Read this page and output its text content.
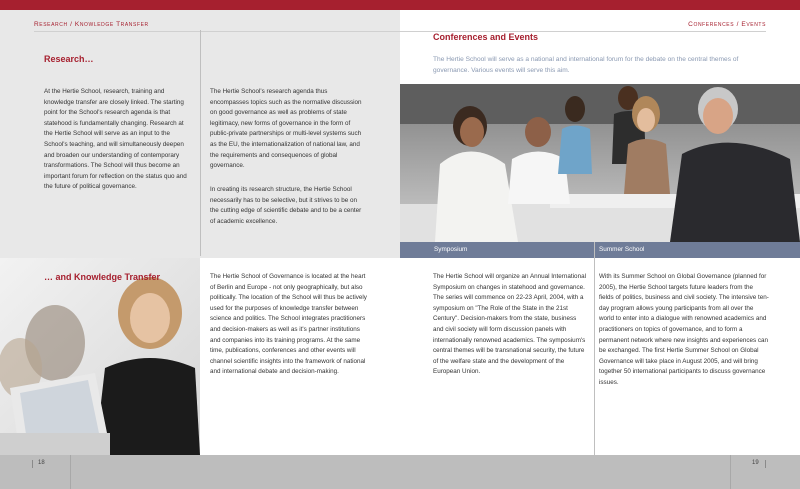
Research / Knowledge Transfer
Research…
At the Hertie School, research, training and knowledge transfer are closely linked. The starting point for the School's research agenda is that statehood is fundamentally changing. Research at the Hertie School will serve as an input to the School's teaching, and will simultaneously deepen and broaden our understanding of contemporary transformations. The School will thus become an important forum for reflection on the status quo and the future of political governance.
The Hertie School's research agenda thus encompasses topics such as the normative discussion on good governance as well as problems of state legitimacy, new forms of governance in the form of public-private partnerships or multi-level systems such as the EU, the internationalization of national law, and the requirements and consequences of global governance.
In creating its research structure, the Hertie School necessarily has to be selective, but it strives to be on the cutting edge of scientific debate and to be a center of academic excellence.
… and Knowledge Transfer	The Hertie School of Governance is located at the heart of Berlin and Europe - not only geographically, but also politically. The location of the School will thus be actively used for the purposes of knowledge transfer between science and politics. The School integrates practitioners and decision-makers as well as it's partner institutions and companies into its training programs. At the same time, publications, conferences and other events will channel scientific insights into the framework of national and international debate and decision-making.
Conferences / Events
Conferences and Events
The Hertie School will serve as a national and international forum for the debate on the central themes of governance. Various events will serve this aim.
Symposium	Summer School
The Hertie School will organize an Annual International Symposium on changes in statehood and governance. The series will commence on 22-23 April, 2004, with a symposium on "The Role of the State in the 21st Century". Decision-makers from the state, business and civil society will form discussion panels with internationally renowned academics. The symposium's central themes will be transnational security, the future of the welfare state and the development of the European Union.
With its Summer School on Global Governance (planned for 2005), the Hertie School targets future leaders from the fields of politics, business and civil society. The intensive ten-day program allows young participants from all over the world to enter into a dialogue with renowned academics and practitioners on topics of governance, and to form a permanent network where new insights and experiences can be exchanged. The first Hertie Summer School on Global Governance will take place in August 2005, and will bring together 50 international participants to discuss governance issues.
18	19
